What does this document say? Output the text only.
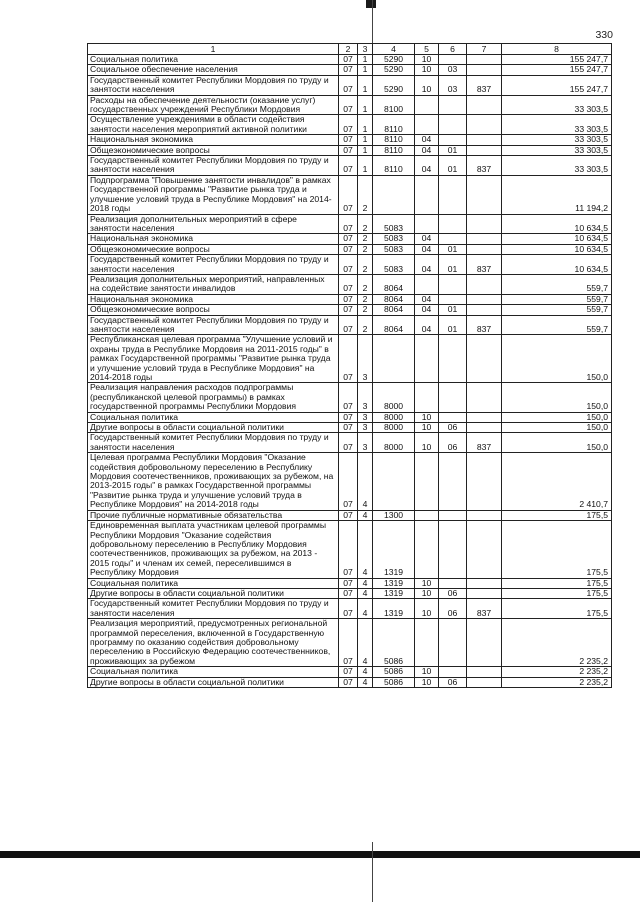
330
1	2	3	4	5	6	7	8
Социальная политика	07	1	5290	10			155 247,7
Социальное обеспечение населения	07	1	5290	10	03		155 247,7
Государственный комитет Республики Мордовия по труду и занятости населения	07	1	5290	10	03	837	155 247,7
Расходы на обеспечение деятельности (оказание услуг) государственных учреждений Республики Мордовия	07	1	8100				33 303,5
Осуществление учреждениями в области содействия занятости населения мероприятий активной политики	07	1	8110				33 303,5
Национальная экономика	07	1	8110	04			33 303,5
Общеэкономические вопросы	07	1	8110	04	01		33 303,5
Государственный комитет Республики Мордовия по труду и занятости населения	07	1	8110	04	01	837	33 303,5
Подпрограмма "Повышение занятости инвалидов" в рамках Государственной программы "Развитие рынка труда и улучшение условий труда в Республике Мордовия" на 2014-2018 годы	07	2					11 194,2
Реализация дополнительных мероприятий в сфере занятости населения	07	2	5083				10 634,5
Национальная экономика	07	2	5083	04			10 634,5
Общеэкономические вопросы	07	2	5083	04	01		10 634,5
Государственный комитет Республики Мордовия по труду и занятости населения	07	2	5083	04	01	837	10 634,5
Реализация дополнительных мероприятий, направленных на содействие занятости инвалидов	07	2	8064				559,7
Национальная экономика	07	2	8064	04			559,7
Общеэкономические вопросы	07	2	8064	04	01		559,7
Государственный комитет Республики Мордовия по труду и занятости населения	07	2	8064	04	01	837	559,7
Республиканская целевая программа "Улучшение условий и охраны труда в Республике Мордовия на 2011-2015 годы" в рамках Государственной программы "Развитие рынка труда и улучшение условий труда в Республике Мордовия" на 2014-2018 годы	07	3					150,0
Реализация направления расходов подпрограммы (республиканской целевой программы) в рамках государственной программы Республики Мордовия	07	3	8000				150,0
Социальная политика	07	3	8000	10			150,0
Другие вопросы в области социальной политики	07	3	8000	10	06		150,0
Государственный комитет Республики Мордовия по труду и занятости населения	07	3	8000	10	06	837	150,0
Целевая программа Республики Мордовия "Оказание содействия добровольному переселению в Республику Мордовия соотечественников, проживающих за рубежом, на 2013-2015 годы" в рамках Государственной программы "Развитие рынка труда и улучшение условий труда в Республике Мордовия" на 2014-2018 годы	07	4					2 410,7
Прочие публичные нормативные обязательства	07	4	1300				175,5
Единовременная выплата участникам целевой программы Республики Мордовия "Оказание содействия добровольному переселению в Республику Мордовия соотечественников, проживающих за рубежом, на 2013 - 2015 годы" и членам их семей, переселившимся в Республику Мордовия	07	4	1319				175,5
Социальная политика	07	4	1319	10			175,5
Другие вопросы в области социальной политики	07	4	1319	10	06		175,5
Государственный комитет Республики Мордовия по труду и занятости населения	07	4	1319	10	06	837	175,5
Реализация мероприятий, предусмотренных региональной программой переселения, включенной в Государственную программу по оказанию содействия добровольному переселению в Российскую Федерацию соотечественников, проживающих за рубежом	07	4	5086				2 235,2
Социальная политика	07	4	5086	10			2 235,2
Другие вопросы в области социальной политики	07	4	5086	10	06		2 235,2
